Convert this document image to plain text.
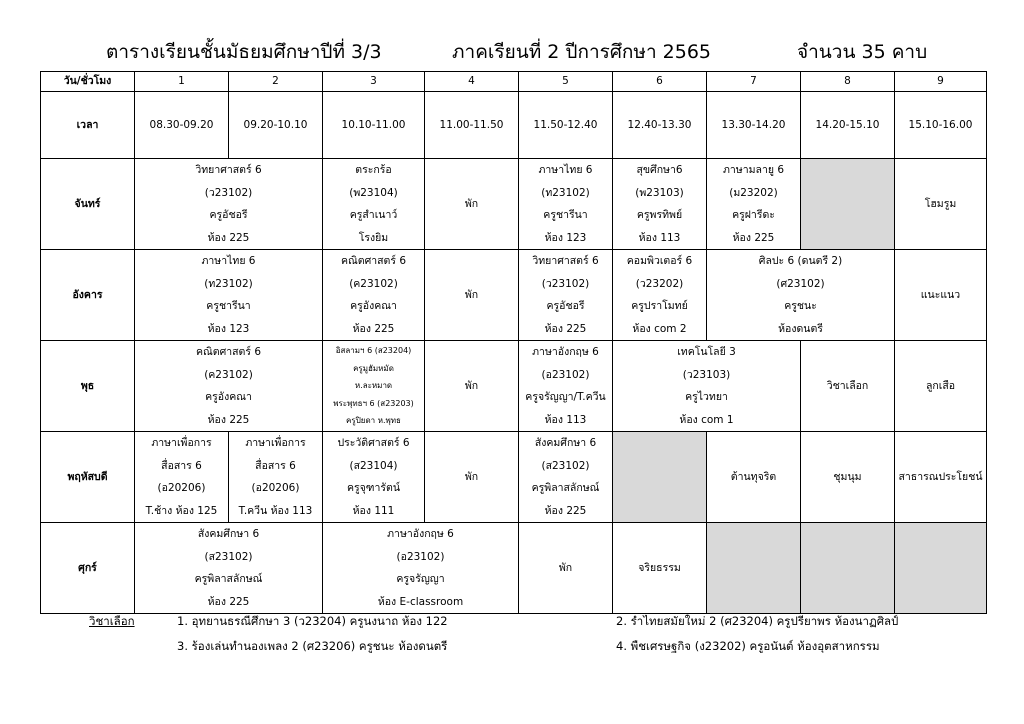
ตารางเรียนชั้นมัธยมศึกษาปีที่ 3/3	ภาคเรียนที่ 2 ปีการศึกษา 2565	จำนวน 35 คาบ
วัน/ชั่วโมง	1	2	3	4	5	6	7	8	9
เวลา	08.30-09.20	09.20-10.10	10.10-11.00	11.00-11.50	11.50-12.40	12.40-13.30	13.30-14.20	14.20-15.10	15.10-16.00
จันทร์	วิทยาศาสตร์ 6
(ว23102)
ครูอัชอรี
ห้อง 225		ตระกร้อ
(พ23104)
ครูสำเนาว์
โรงยิม	พัก	ภาษาไทย 6
(ท23102)
ครูชารีนา
ห้อง 123	สุขศึกษา6
(พ23103)
ครูพรทิพย์
ห้อง 113	ภาษามลายู 6
(ม23202)
ครูฝารีดะ
ห้อง 225		โฮมรูม
อังคาร	ภาษาไทย 6
(ท23102)
ครูชารีนา
ห้อง 123		คณิตศาสตร์ 6
(ค23102)
ครูอังคณา
ห้อง 225	พัก	วิทยาศาสตร์ 6
(ว23102)
ครูอัชอรี
ห้อง 225	คอมพิวเตอร์ 6
(ว23202)
ครูปราโมทย์
ห้อง com 2	ศิลปะ 6 (ดนตรี 2)
(ศ23102)
ครูชนะ
ห้องดนตรี		แนะแนว
พุธ	คณิตศาสตร์ 6
(ค23102)
ครูอังคณา
ห้อง 225		อิสลามฯ 6 (ส23204)
ครูมูฮัมหมัด
ห.ละหมาด
พระพุทธฯ 6 (ส23203)
ครูปิยดา ห.พุทธ	พัก	ภาษาอังกฤษ 6
(อ23102)
ครูจรัญญา/T.ควีน
ห้อง 113	เทคโนโลยี 3
(ว23103)
ครูไวทยา
ห้อง com 1		วิชาเลือก	ลูกเสือ
พฤหัสบดี	ภาษาเพื่อการ
สื่อสาร 6
(อ20206)
T.ช้าง ห้อง 125	ภาษาเพื่อการ
สื่อสาร 6
(อ20206)
T.ควีน ห้อง 113	ประวัติศาสตร์ 6
(ส23104)
ครูจุฑารัตน์
ห้อง 111	พัก	สังคมศึกษา 6
(ส23102)
ครูพิลาสลักษณ์
ห้อง 225		ต้านทุจริต	ชุมนุม	สาธารณประโยชน์
ศุกร์	สังคมศึกษา 6
(ส23102)
ครูพิลาสลักษณ์
ห้อง 225		ภาษาอังกฤษ 6
(อ23102)
ครูจรัญญา
ห้อง E-classroom		พัก	จริยธรรม			
วิชาเลือก	1. อุทยานธรณีศึกษา 3 (ว23204) ครูนงนาถ ห้อง 122	2. รำไทยสมัยใหม่ 2 (ศ23204) ครูปรียาพร ห้องนาฏศิลป์
3. ร้องเล่นทำนองเพลง 2 (ศ23206) ครูชนะ ห้องดนตรี	4. พืชเศรษฐกิจ (ง23202) ครูอนันต์ ห้องอุตสาหกรรม
